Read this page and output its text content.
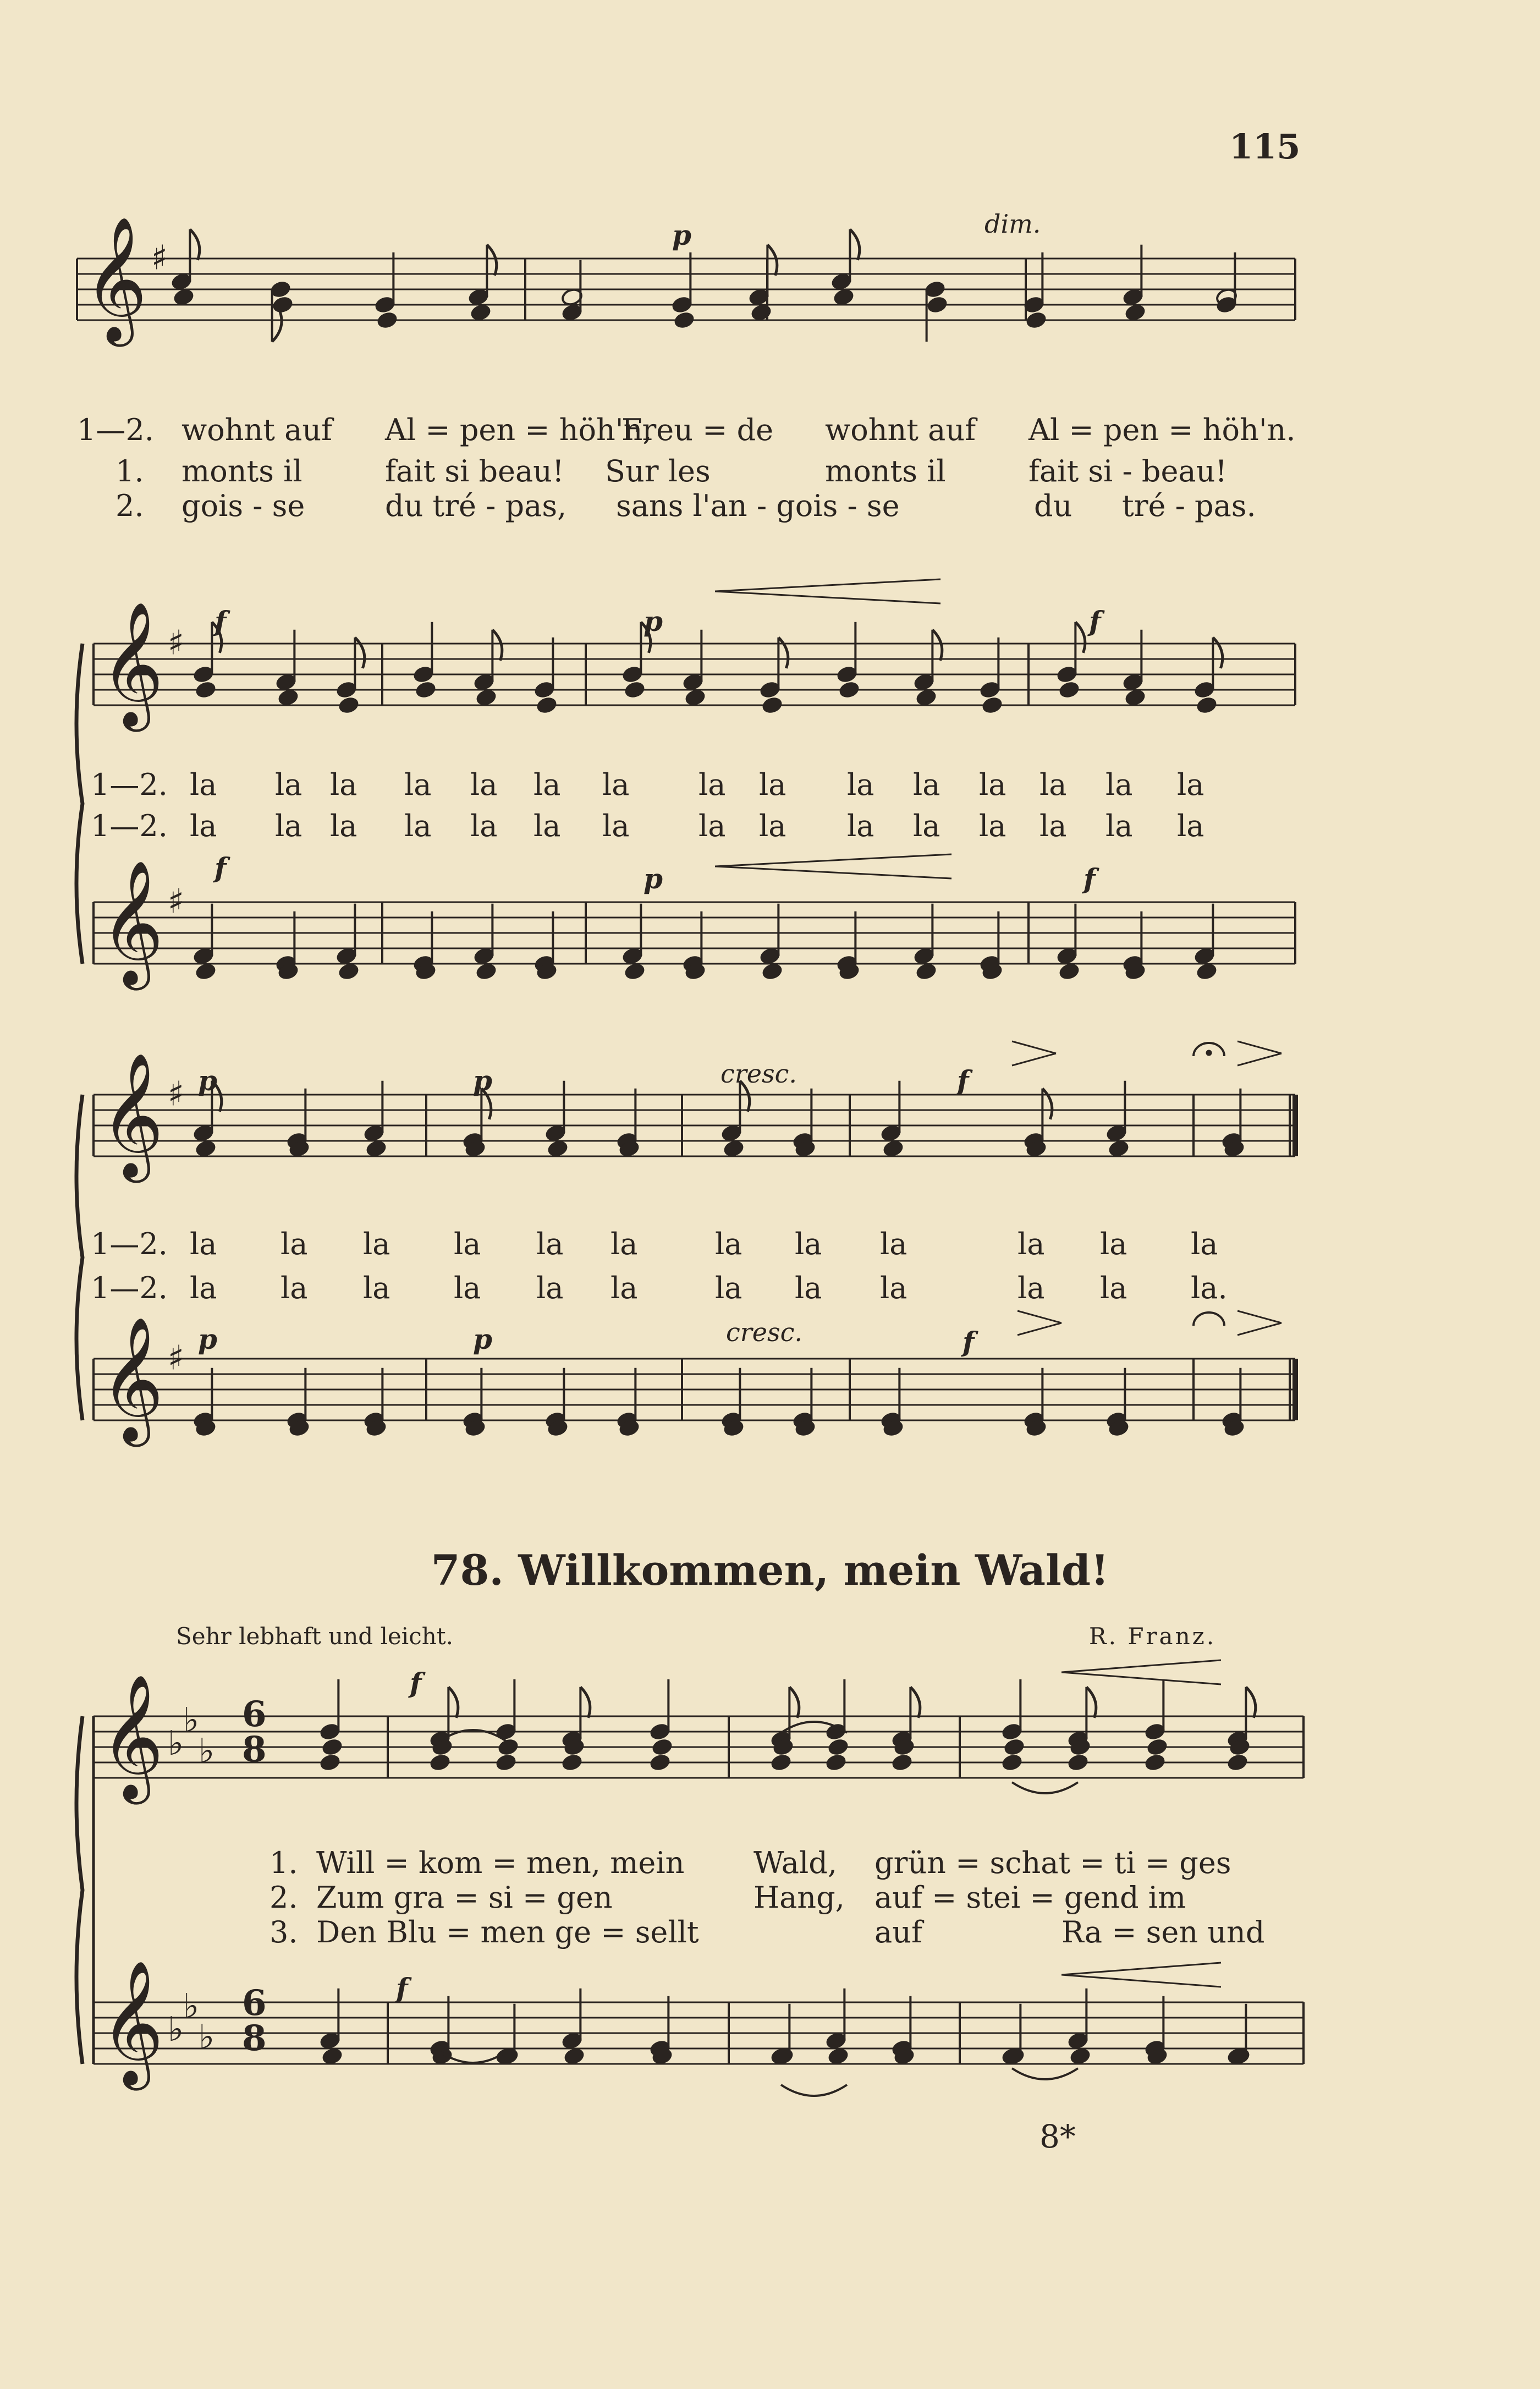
𝄞 ♯
𝄞 ♯
𝄞 ♯
𝄞 ♯
𝄞 ♯
𝄞 ♭
♭
♭
𝄞 ♭
♭
♭
115
p	dim.
1—2. wohnt auf Al = pen = höh'n,
Freu = de wohnt auf Al = pen = höh'n.
1. monts il	fait si beau! Sur les	monts il	fait si - beau!
2. gois - se	du tré - pas, sans l'an - gois - se	du tré - pas.
f	p	f
f	p	f
1—2. la la la la la la la la la la la la la la la
1—2. la la la la la la la la la la la la la la la
p	p	cresc.	f
p	p	cresc.	f
1—2. la la la la la la	la la la	la la la
1—2. la la la la la la	la la la	la la la.
78. Willkommen, mein Wald!
Sehr lebhaft und leicht.	R. Franz.
f
f
1. Will = kom = men, mein Wald, grün = schat = ti = ges
2. Zum gra = si = gen	Hang, auf = stei = gend im
3. Den Blu = men ge = sellt	auf	Ra = sen und
6
8
6
8
8*
